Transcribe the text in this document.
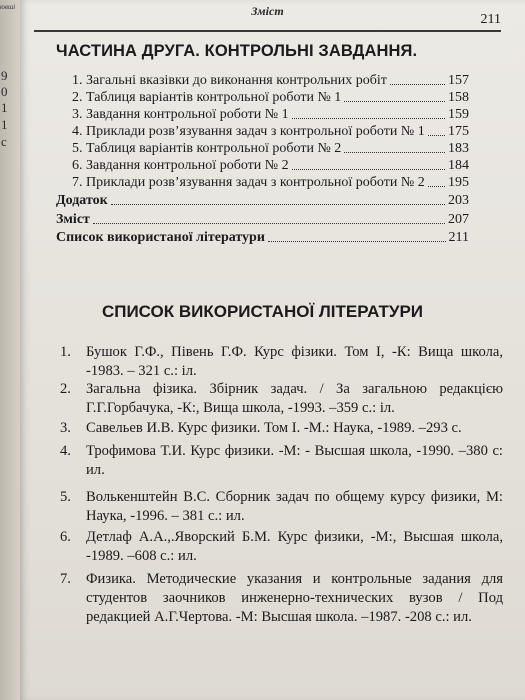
ювші
9
0
1
1
с
Зміст
211
ЧАСТИНА ДРУГА. КОНТРОЛЬНІ ЗАВДАННЯ.
1. Загальні вказівки до виконання контрольних робіт	157
2. Таблиця варіантів контрольної роботи № 1	158
3. Завдання контрольної роботи № 1	159
4. Приклади розв’язування задач з контрольної роботи № 1 175
5. Таблиця варіантів контрольної роботи № 2	183
6. Завдання контрольної роботи № 2	184
7. Приклади розв’язування задач з контрольної роботи № 2 195
Додаток	203
Зміст	207
Список використаної літератури	211
СПИСОК ВИКОРИСТАНОЇ ЛІТЕРАТУРИ
1. Бушок Г.Ф., Півень Г.Ф. Курс фізики. Том І, -К: Вища школа, -1983. – 321 с.: іл.
2. Загальна фізика. Збірник задач. / За загальною редакцією Г.Г.Горбачука, -К:, Вища школа, -1993. –359 с.: іл.
3. Савельев И.В. Курс физики. Том І. -М.: Наука, -1989. –293 с.
4. Трофимова Т.И. Курс физики. -М: - Высшая школа, -1990. –380 с: ил.
5. Волькенштейн В.С. Сборник задач по общему курсу физики, М: Наука, -1996. – 381 с.: ил.
6. Детлаф А.А.,.Яворский Б.М. Курс физики, -М:, Высшая школа, -1989. –608 с.: ил.
7. Физика. Методические указания и контрольные задания для студентов заочников инженерно-технических вузов / Под редакцией А.Г.Чертова. -М: Высшая школа. –1987. -208 с.: ил.
